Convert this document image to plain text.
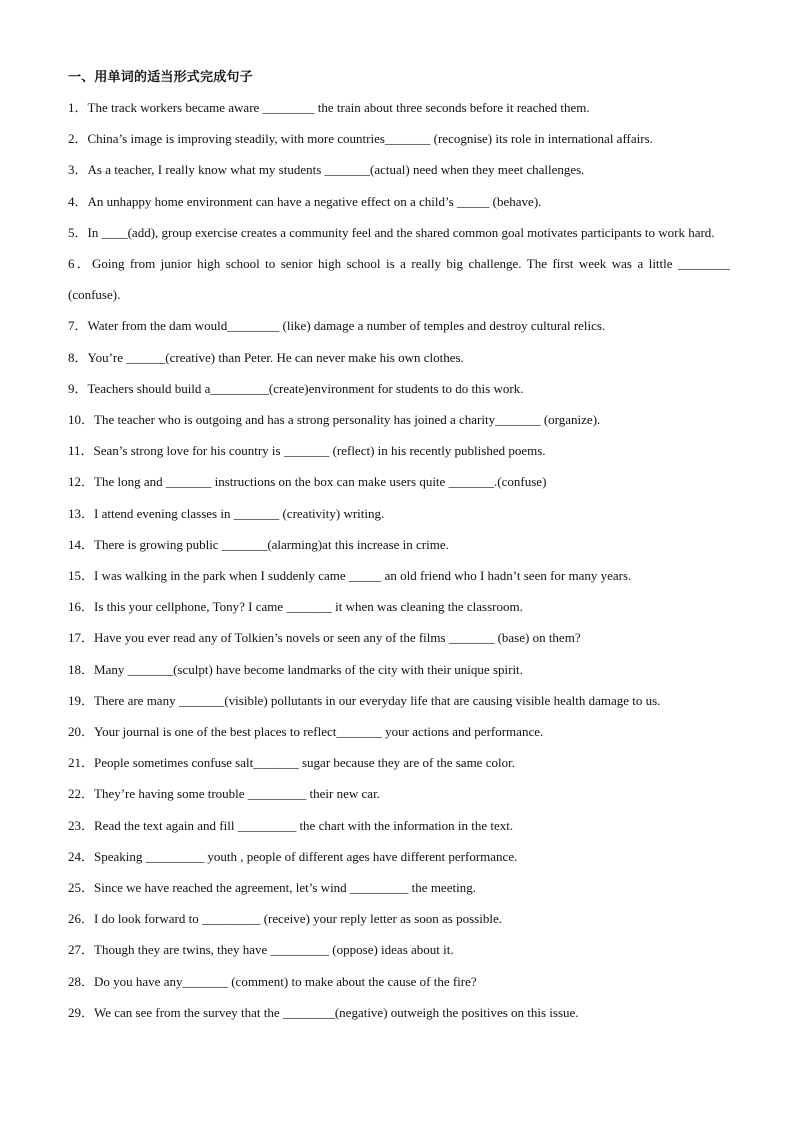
一、用单词的适当形式完成句子
1．The track workers became aware ________ the train about three seconds before it reached them.
2．China’s image is improving steadily, with more countries_______ (recognise) its role in international affairs.
3．As a teacher, I really know what my students _______(actual) need when they meet challenges.
4．An unhappy home environment can have a negative effect on a child’s _____ (behave).
5．In ____(add), group exercise creates a community feel and the shared common goal motivates participants to work hard.
6．Going from junior high school to senior high school is a really big challenge. The first week was a little ________ (confuse).
7．Water from the dam would________ (like) damage a number of temples and destroy cultural relics.
8．You’re ______(creative) than Peter. He can never make his own clothes.
9．Teachers should build a_________(create)environment for students to do this work.
10．The teacher who is outgoing and has a strong personality has joined a charity_______ (organize).
11．Sean’s strong love for his country is _______ (reflect) in his recently published poems.
12．The long and _______ instructions on the box can make users quite _______.(confuse)
13．I attend evening classes in _______ (creativity) writing.
14．There is growing public _______(alarming)at this increase in crime.
15．I was walking in the park when I suddenly came _____ an old friend who I hadn’t seen for many years.
16．Is this your cellphone, Tony? I came _______ it when was cleaning the classroom.
17．Have you ever read any of Tolkien’s novels or seen any of the films _______ (base) on them?
18．Many _______(sculpt) have become landmarks of the city with their unique spirit.
19．There are many _______(visible) pollutants in our everyday life that are causing visible health damage to us.
20．Your journal is one of the best places to reflect_______ your actions and performance.
21．People sometimes confuse salt_______ sugar because they are of the same color.
22．They’re having some trouble _________ their new car.
23．Read the text again and fill _________ the chart with the information in the text.
24．Speaking _________ youth , people of different ages have different performance.
25．Since we have reached the agreement, let’s wind _________ the meeting.
26．I do look forward to _________ (receive) your reply letter as soon as possible.
27．Though they are twins, they have _________ (oppose) ideas about it.
28．Do you have any_______ (comment) to make about the cause of the fire?
29．We can see from the survey that the ________(negative) outweigh the positives on this issue.
